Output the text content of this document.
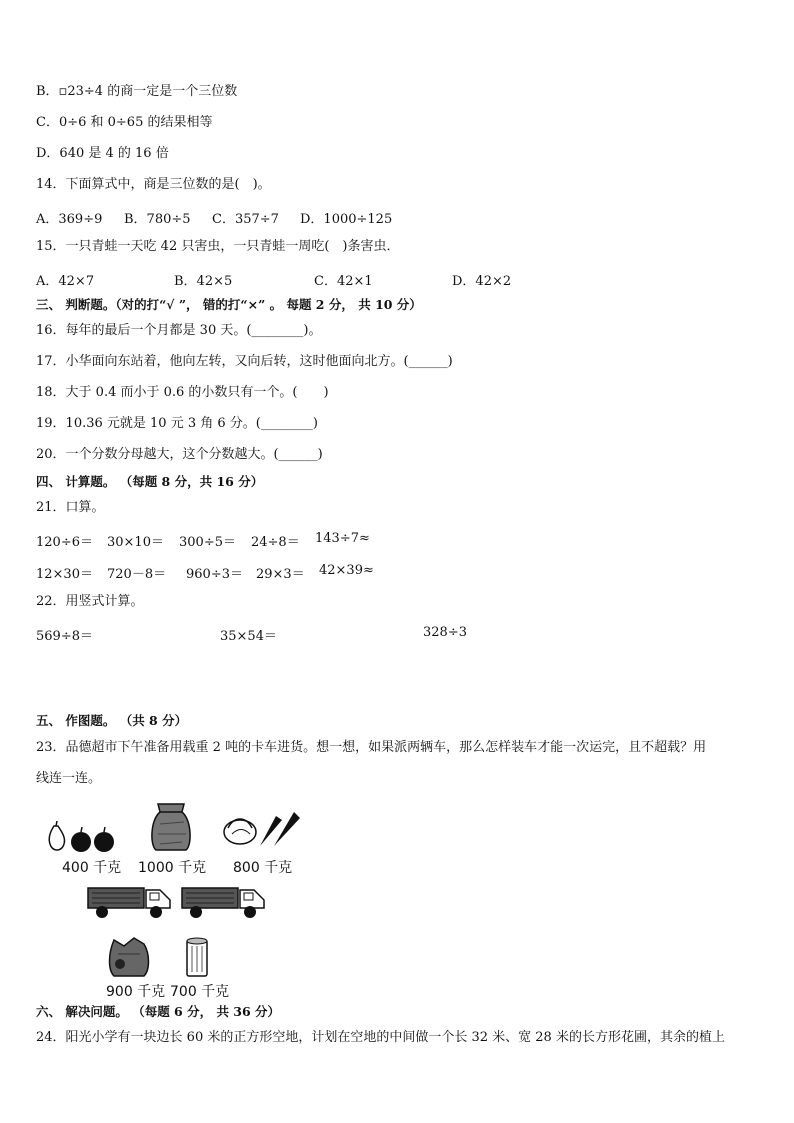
B．▫23÷4 的商一定是一个三位数
C．0÷6 和 0÷65 的结果相等
D．640 是 4 的 16 倍
14．下面算式中，商是三位数的是(　)。
A．369÷9 B．780÷5 C．357÷7 D．1000÷125
15．一只青蛙一天吃 42 只害虫，一只青蛙一周吃(　)条害虫．
A．42×7	B．42×5	C．42×1	D．42×2
三、 判断题。（对的打“√ ”， 错的打“×” 。 每题 2 分， 共 10 分）
16．每年的最后一个月都是 30 天。(________)。
17．小华面向东站着，他向左转，又向后转，这时他面向北方。(______)
18．大于 0.4 而小于 0.6 的小数只有一个。(　　)
19．10.36 元就是 10 元 3 角 6 分。(________)
20．一个分数分母越大，这个分数越大。(______)
四、 计算题。 （每题 8 分，共 16 分）
21．口算。
120÷6＝ 30×10＝ 300÷5＝ 24÷8＝ 143÷7≈
12×30＝ 720－8＝ 960÷3＝ 29×3＝ 42×39≈
22．用竖式计算。
569÷8＝	35×54＝	328÷3
五、 作图题。 （共 8 分）
23．品德超市下午准备用载重 2 吨的卡车进货。想一想，如果派两辆车，那么怎样装车才能一次运完，且不超载？用
线连一连。
400 千克 1000 千克 800 千克
900 千克 700 千克
六、 解决问题。 （每题 6 分， 共 36 分）
24．阳光小学有一块边长 60 米的正方形空地，计划在空地的中间做一个长 32 米、宽 28 米的长方形花圃，其余的植上
